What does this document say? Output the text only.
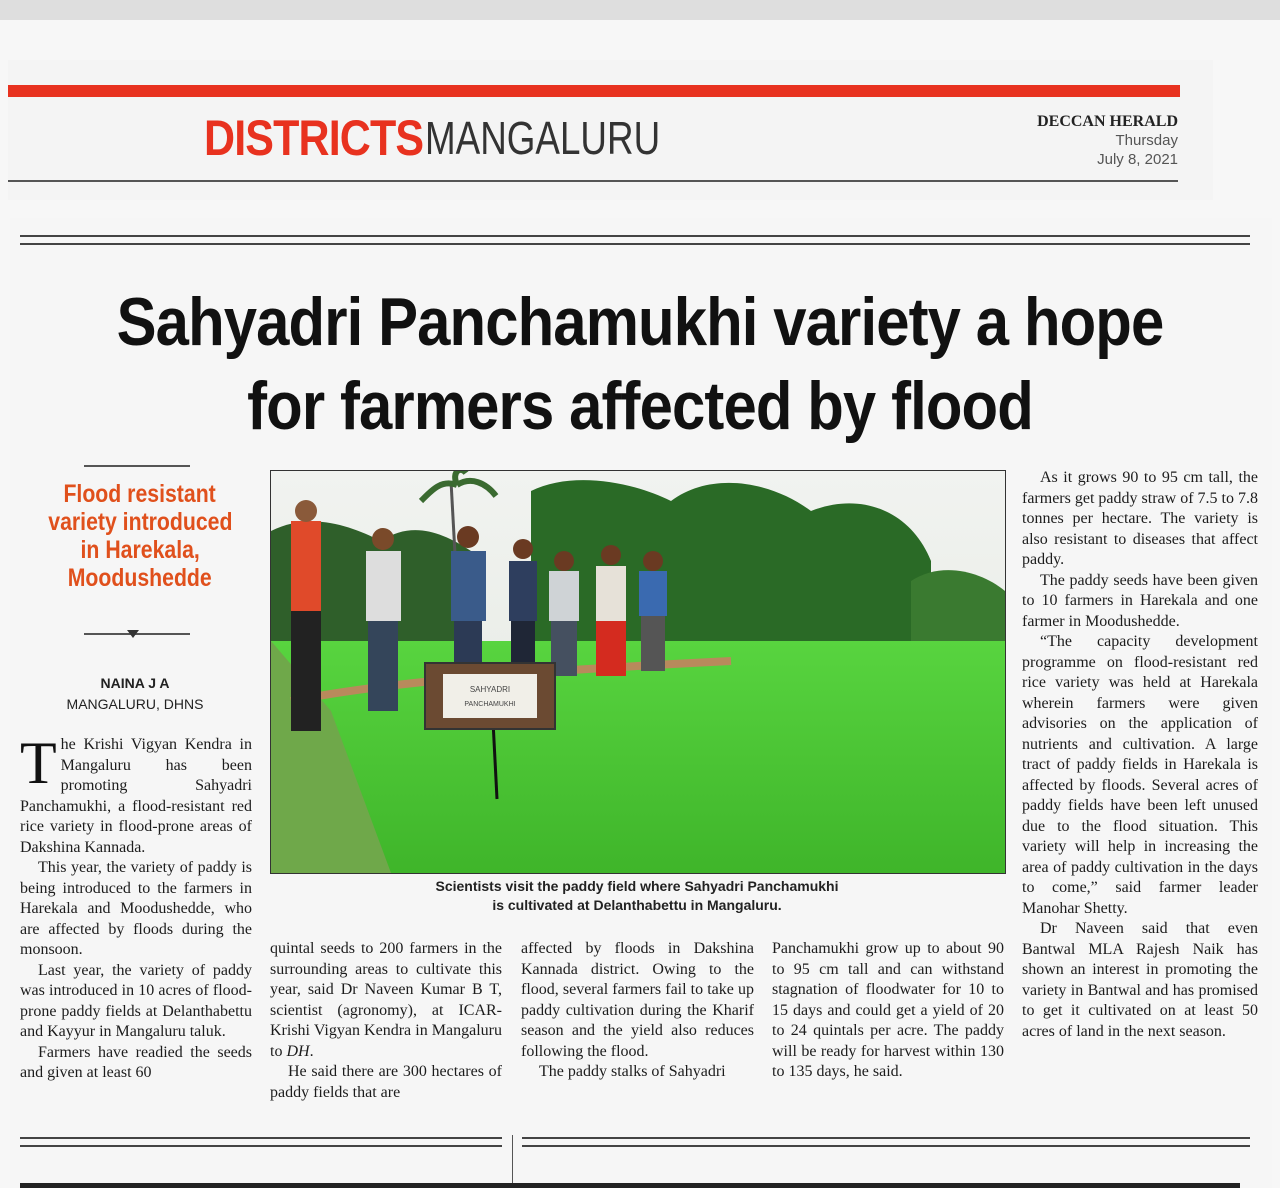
DISTRICTS MANGALURU	DECCAN HERALD
Thursday
July 8, 2021
Sahyadri Panchamukhi variety a hope
for farmers affected by flood
Flood resistant
variety introduced
in Harekala,
Moodushedde
NAINA J A
MANGALURU, DHNS
SAHYADRI
PANCHAMUKHI
Scientists visit the paddy field where Sahyadri Panchamukhi
is cultivated at Delanthabettu in Mangaluru.

The Krishi Vigyan Kendra in Mangaluru has been promoting Sahyadri Panchamukhi, a flood-resistant red rice variety in flood-prone areas of Dakshina Kannada.

This year, the variety of paddy is being introduced to the farmers in Harekala and Moodushedde, who are affected by floods during the monsoon.

Last year, the variety of paddy was introduced in 10 acres of flood-prone paddy fields at Delanthabettu and Kayyur in Mangaluru taluk.

Farmers have readied the seeds and given at least 60

quintal seeds to 200 farmers in the surrounding areas to cultivate this year, said Dr Naveen Kumar B T, scientist (agronomy), at ICAR-Krishi Vigyan Kendra in Mangaluru to DH.

He said there are 300 hectares of paddy fields that are

affected by floods in Dakshina Kannada district. Owing to the flood, several farmers fail to take up paddy cultivation during the Kharif season and the yield also reduces following the flood.

The paddy stalks of Sahyadri

Panchamukhi grow up to about 90 to 95 cm tall and can withstand stagnation of floodwater for 10 to 15 days and could get a yield of 20 to 24 quintals per acre. The paddy will be ready for harvest within 130 to 135 days, he said.

As it grows 90 to 95 cm tall, the farmers get paddy straw of 7.5 to 7.8 tonnes per hectare. The variety is also resistant to diseases that affect paddy.

The paddy seeds have been given to 10 farmers in Harekala and one farmer in Moodushedde.

“The capacity development programme on flood-resistant red rice variety was held at Harekala wherein farmers were given advisories on the application of nutrients and cultivation. A large tract of paddy fields in Harekala is affected by floods. Several acres of paddy fields have been left unused due to the flood situation. This variety will help in increasing the area of paddy cultivation in the days to come,” said farmer leader Manohar Shetty.

Dr Naveen said that even Bantwal MLA Rajesh Naik has shown an interest in promoting the variety in Bantwal and has promised to get it cultivated on at least 50 acres of land in the next season.
